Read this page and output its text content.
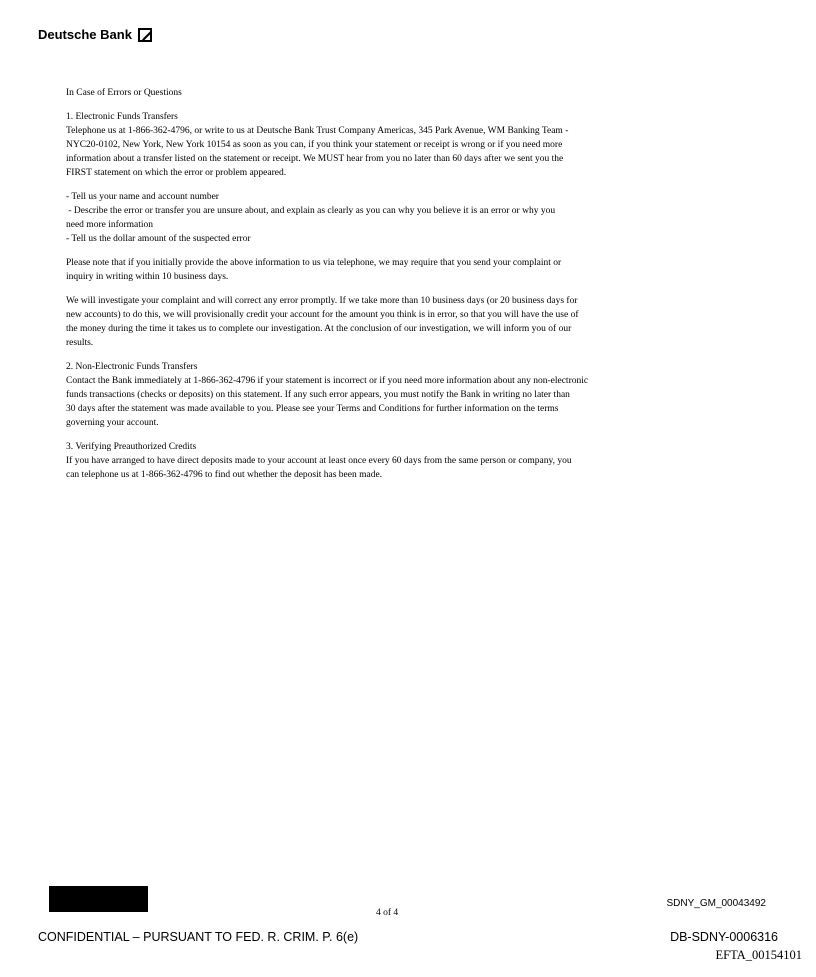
Deutsche Bank

In Case of Errors or Questions

1. Electronic Funds Transfers
Telephone us at 1-866-362-4796, or write to us at Deutsche Bank Trust Company Americas, 345 Park Avenue, WM Banking Team -
NYC20-0102, New York, New York 10154 as soon as you can, if you think your statement or receipt is wrong or if you need more
information about a transfer listed on the statement or receipt. We MUST hear from you no later than 60 days after we sent you the
FIRST statement on which the error or problem appeared.

- Tell us your name and account number
- Describe the error or transfer you are unsure about, and explain as clearly as you can why you believe it is an error or why you
need more information
- Tell us the dollar amount of the suspected error

Please note that if you initially provide the above information to us via telephone, we may require that you send your complaint or
inquiry in writing within 10 business days.

We will investigate your complaint and will correct any error promptly. If we take more than 10 business days (or 20 business days for
new accounts) to do this, we will provisionally credit your account for the amount you think is in error, so that you will have the use of
the money during the time it takes us to complete our investigation. At the conclusion of our investigation, we will inform you of our
results.

2. Non-Electronic Funds Transfers
Contact the Bank immediately at 1-866-362-4796 if your statement is incorrect or if you need more information about any non-electronic
funds transactions (checks or deposits) on this statement. If any such error appears, you must notify the Bank in writing no later than
30 days after the statement was made available to you. Please see your Terms and Conditions for further information on the terms
governing your account.

3. Verifying Preauthorized Credits
If you have arranged to have direct deposits made to your account at least once every 60 days from the same person or company, you
can telephone us at 1-866-362-4796 to find out whether the deposit has been made.

4 of 4
SDNY_GM_00043492
CONFIDENTIAL – PURSUANT TO FED. R. CRIM. P. 6(e)	DB-SDNY-0006316
EFTA_00154101
